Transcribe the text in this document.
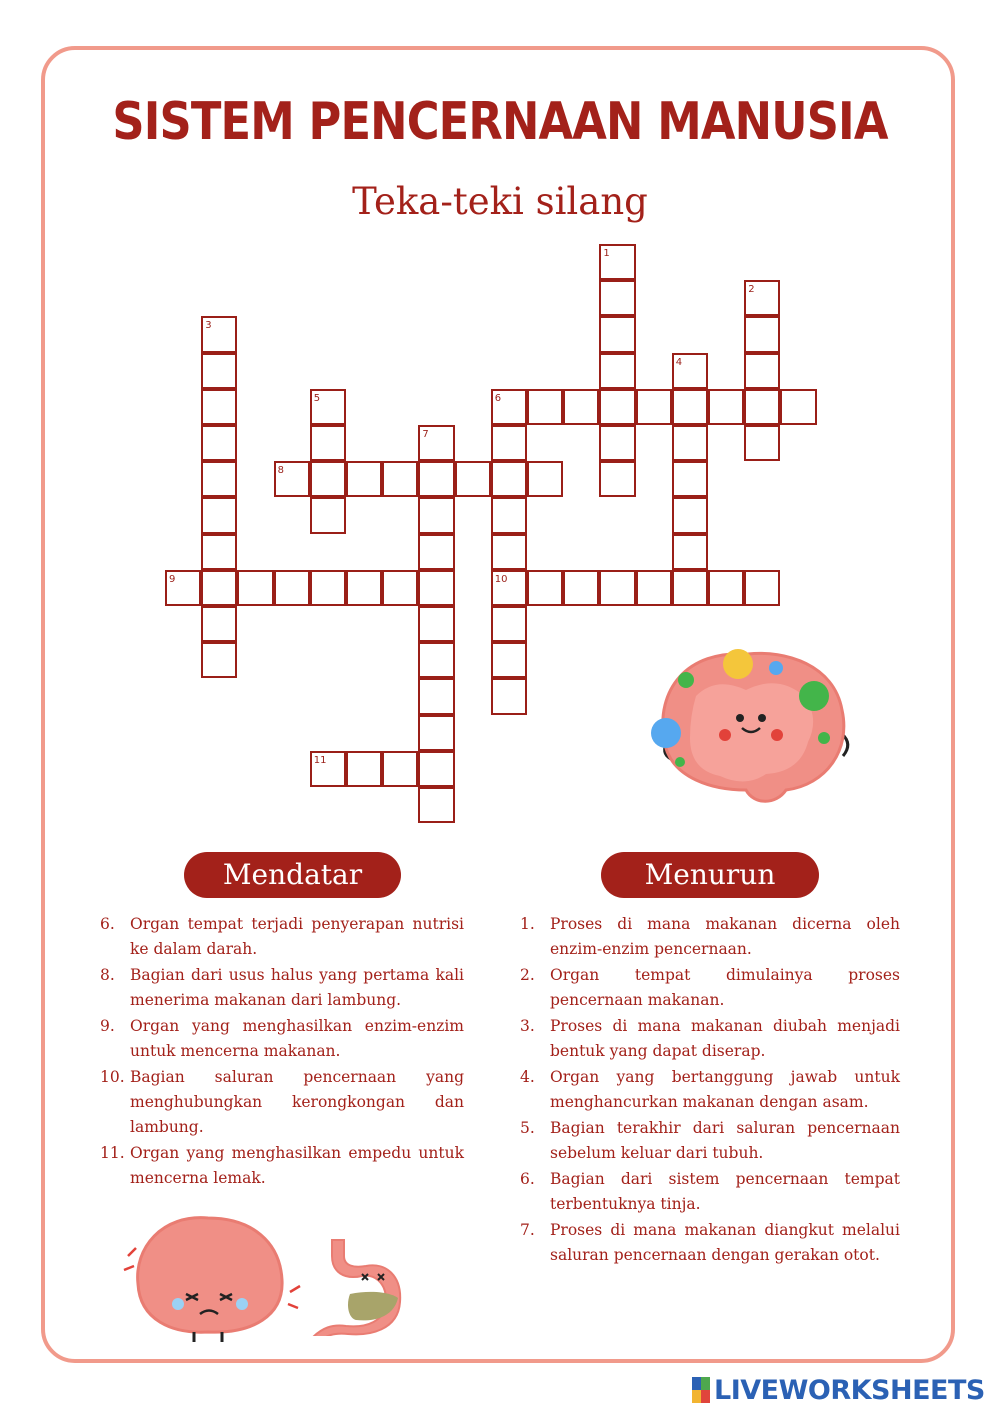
SISTEM PENCERNAAN MANUSIA
Teka-teki silang
1
2
3
4
5	6
7
8
9	10
11
Mendatar	Menurun
6. Organ tempat terjadi penyerapan nutrisi ke dalam darah.
8. Bagian dari usus halus yang pertama kali menerima makanan dari lambung.
9. Organ yang menghasilkan enzim-enzim untuk mencerna makanan.
10. Bagian saluran pencernaan yang menghubungkan kerongkongan dan lambung.
11. Organ yang menghasilkan empedu untuk mencerna lemak.
1. Proses di mana makanan dicerna oleh enzim-enzim pencernaan.
2. Organ tempat dimulainya proses pencernaan makanan.
3. Proses di mana makanan diubah menjadi bentuk yang dapat diserap.
4. Organ yang bertanggung jawab untuk menghancurkan makanan dengan asam.
5. Bagian terakhir dari saluran pencernaan sebelum keluar dari tubuh.
6. Bagian dari sistem pencernaan tempat terbentuknya tinja.
7. Proses di mana makanan diangkut melalui saluran pencernaan dengan gerakan otot.
LIVEWORKSHEETS
